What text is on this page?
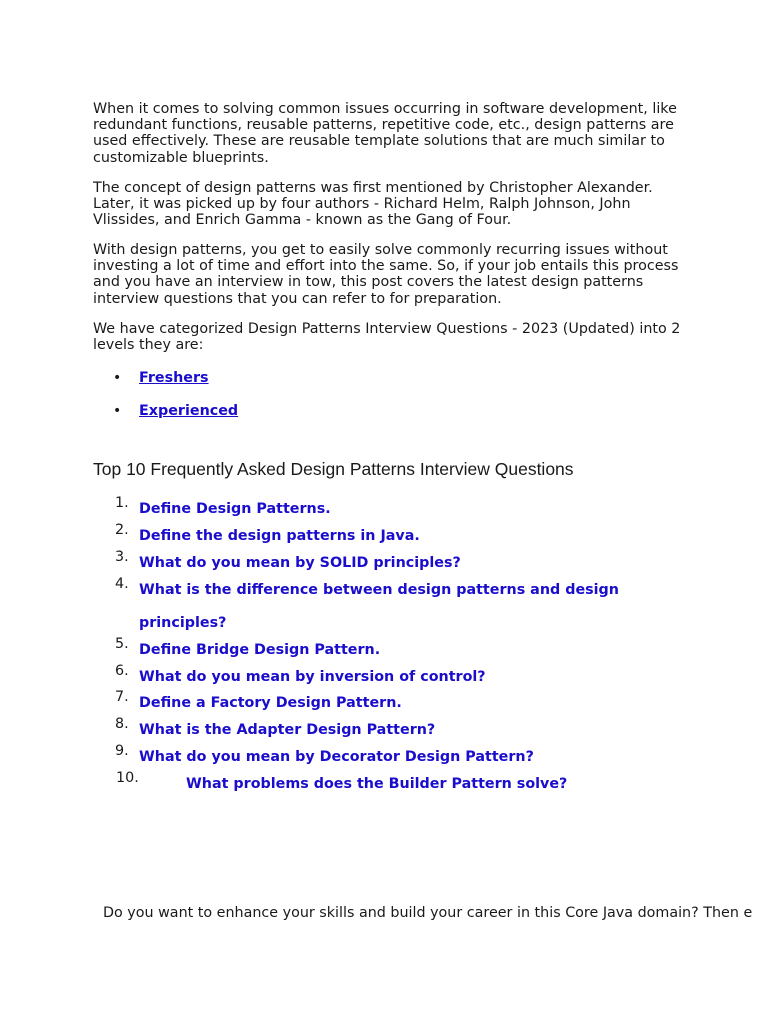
When it comes to solving common issues occurring in software development, like redundant functions, reusable patterns, repetitive code, etc., design patterns are used effectively. These are reusable template solutions that are much similar to customizable blueprints.

The concept of design patterns was first mentioned by Christopher Alexander. Later, it was picked up by four authors - Richard Helm, Ralph Johnson, John Vlissides, and Enrich Gamma - known as the Gang of Four.

With design patterns, you get to easily solve commonly recurring issues without investing a lot of time and effort into the same. So, if your job entails this process and you have an interview in tow, this post covers the latest design patterns interview questions that you can refer to for preparation.

We have categorized Design Patterns Interview Questions - 2023 (Updated) into 2 levels they are:

• Freshers
• Experienced
Top 10 Frequently Asked Design Patterns Interview Questions
1. Define Design Patterns.
2. Define the design patterns in Java.
3. What do you mean by SOLID principles?
4. What is the difference between design patterns and design principles?
5. Define Bridge Design Pattern.
6. What do you mean by inversion of control?
7. Define a Factory Design Pattern.
8. What is the Adapter Design Pattern?
9. What do you mean by Decorator Design Pattern?
10.	What problems does the Builder Pattern solve?

Do you want to enhance your skills and build your career in this Core Java domain? Then e
